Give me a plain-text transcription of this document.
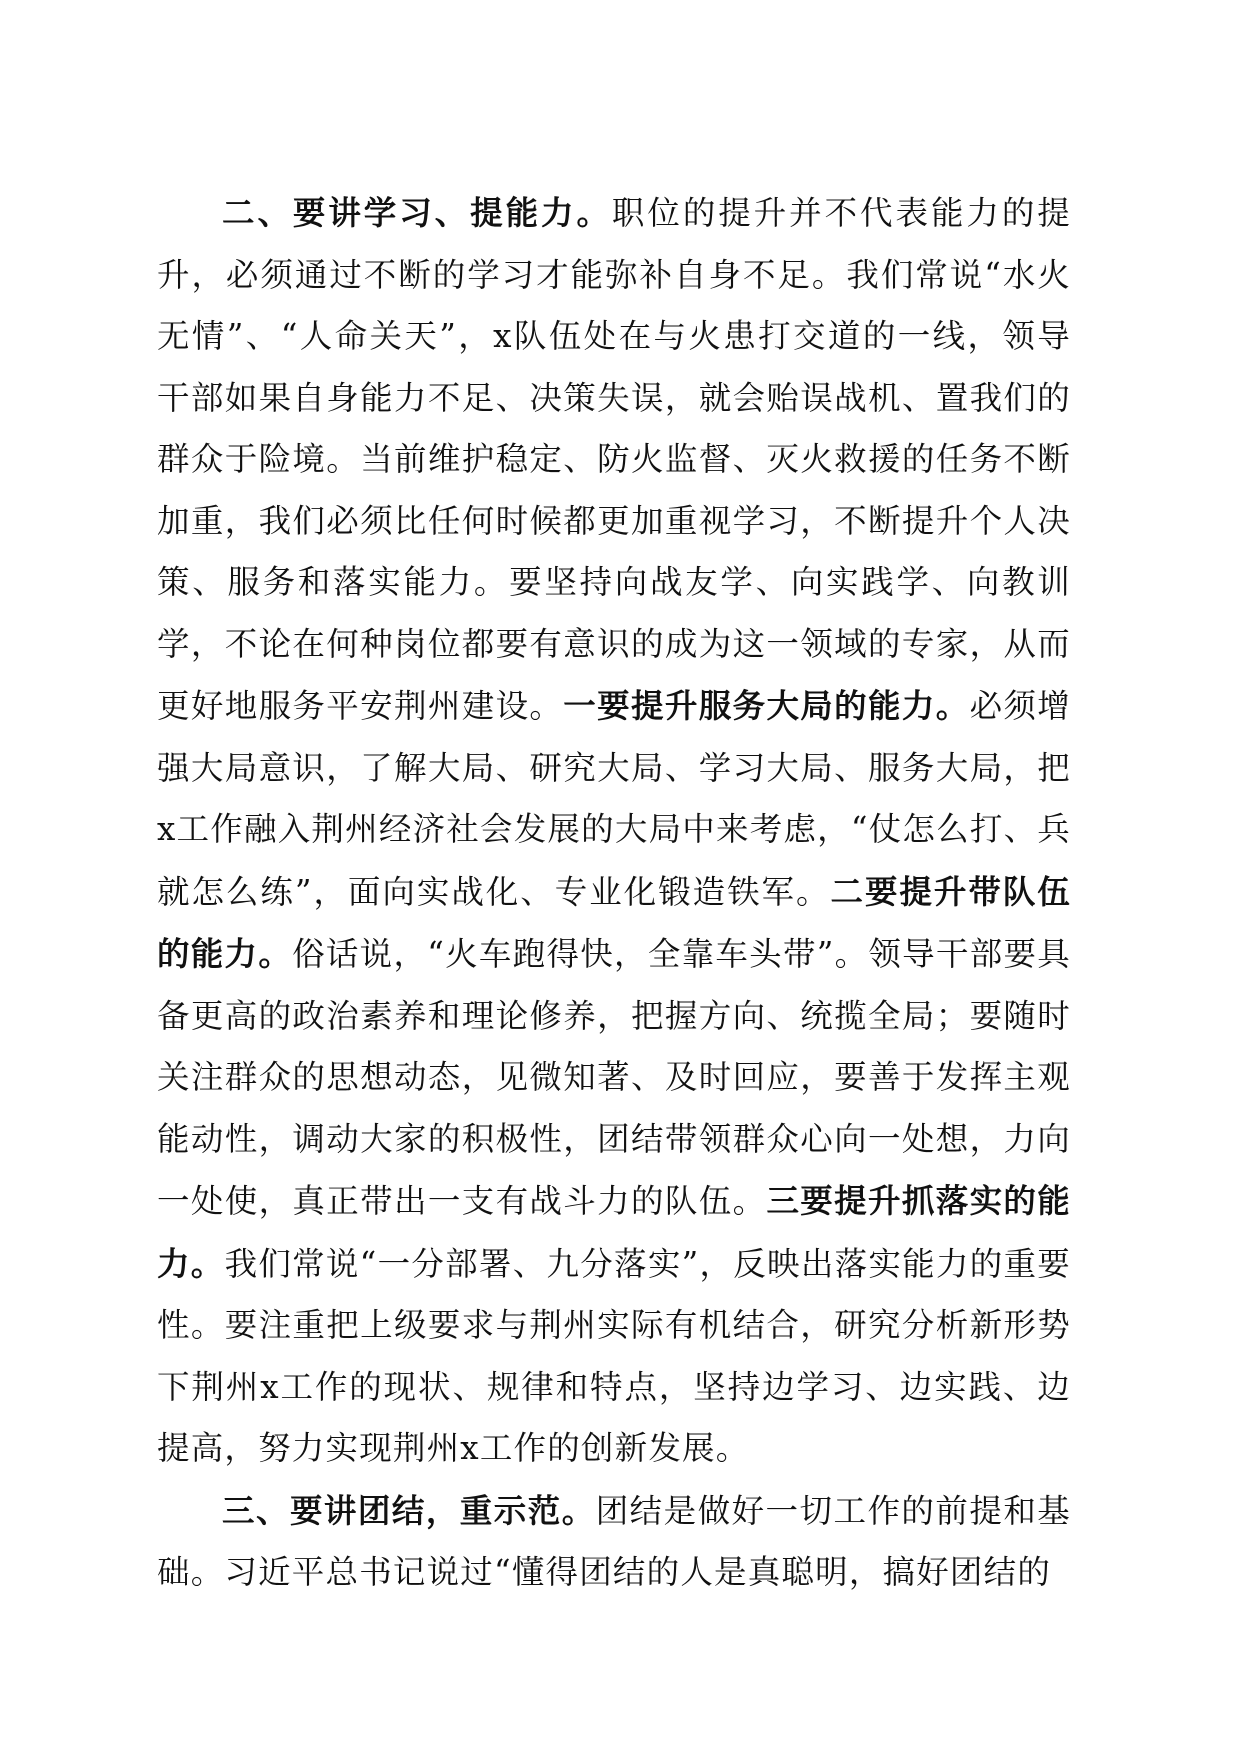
二、要讲学习、提能力。职位的提升并不代表能力的提升，必须通过不断的学习才能弥补自身不足。我们常说“水火无情”、“人命关天”，x队伍处在与火患打交道的一线，领导干部如果自身能力不足、决策失误，就会贻误战机、置我们的群众于险境。当前维护稳定、防火监督、灭火救援的任务不断加重，我们必须比任何时候都更加重视学习，不断提升个人决策、服务和落实能力。要坚持向战友学、向实践学、向教训学，不论在何种岗位都要有意识的成为这一领域的专家，从而更好地服务平安荆州建设。一要提升服务大局的能力。必须增强大局意识，了解大局、研究大局、学习大局、服务大局，把x工作融入荆州经济社会发展的大局中来考虑，“仗怎么打、兵就怎么练”，面向实战化、专业化锻造铁军。二要提升带队伍的能力。俗话说，“火车跑得快，全靠车头带”。领导干部要具备更高的政治素养和理论修养，把握方向、统揽全局；要随时关注群众的思想动态，见微知著、及时回应，要善于发挥主观能动性，调动大家的积极性，团结带领群众心向一处想，力向一处使，真正带出一支有战斗力的队伍。三要提升抓落实的能力。我们常说“一分部署、九分落实”，反映出落实能力的重要性。要注重把上级要求与荆州实际有机结合，研究分析新形势下荆州x工作的现状、规律和特点，坚持边学习、边实践、边提高，努力实现荆州x工作的创新发展。

三、要讲团结，重示范。团结是做好一切工作的前提和基础。习近平总书记说过“懂得团结的人是真聪明，搞好团结的
